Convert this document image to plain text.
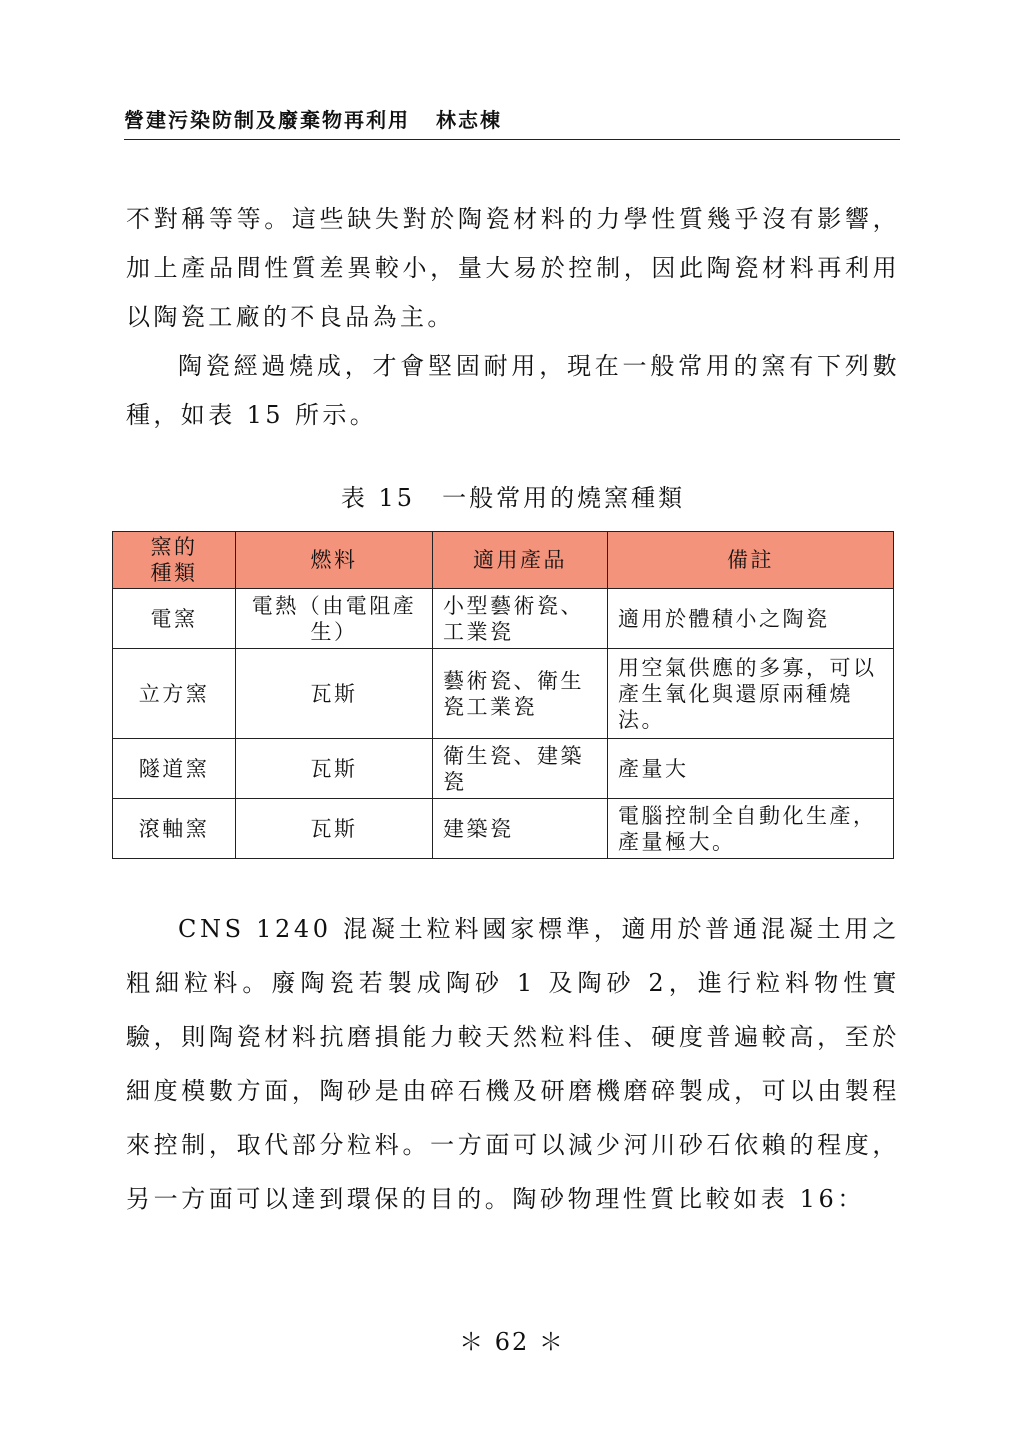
營建污染防制及廢棄物再利用 林志棟

不對稱等等。這些缺失對於陶瓷材料的力學性質幾乎沒有影響，加上產品間性質差異較小，量大易於控制，因此陶瓷材料再利用以陶瓷工廠的不良品為主。

陶瓷經過燒成，才會堅固耐用，現在一般常用的窯有下列數種，如表 15 所示。

表 15　一般常用的燒窯種類
窯的種類	燃料	適用產品	備註
電窯	電熱（由電阻產生）	小型藝術瓷、工業瓷	適用於體積小之陶瓷
立方窯	瓦斯	藝術瓷、衛生瓷工業瓷	用空氣供應的多寡，可以產生氧化與還原兩種燒法。
隧道窯	瓦斯	衛生瓷、建築瓷	產量大
滾軸窯	瓦斯	建築瓷	電腦控制全自動化生產，產量極大。

CNS 1240 混凝土粒料國家標準，適用於普通混凝土用之粗細粒料。廢陶瓷若製成陶砂 1 及陶砂 2，進行粒料物性實驗，則陶瓷材料抗磨損能力較天然粒料佳、硬度普遍較高，至於細度模數方面，陶砂是由碎石機及研磨機磨碎製成，可以由製程來控制，取代部分粒料。一方面可以減少河川砂石依賴的程度，另一方面可以達到環保的目的。陶砂物理性質比較如表 16：

＊ 62 ＊
